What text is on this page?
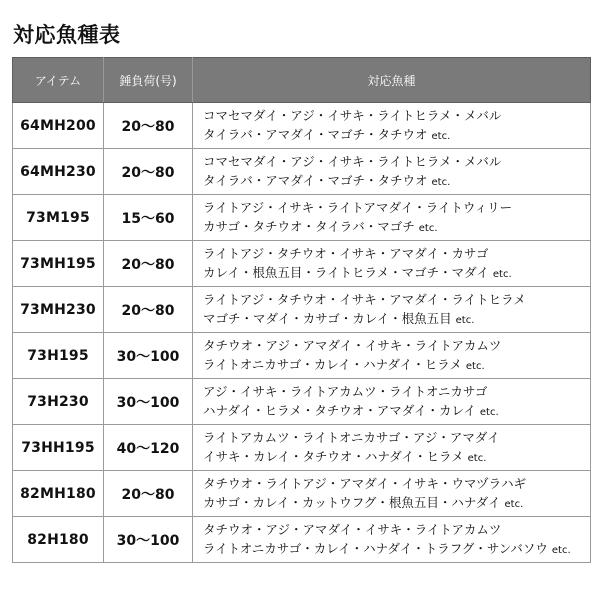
対応魚種表
アイテム	錘負荷(号)	対応魚種
64MH200	20～80	コマセマダイ・アジ・イサキ・ライトヒラメ・メバル
タイラバ・アマダイ・マゴチ・タチウオ etc.

64MH230	20～80	コマセマダイ・アジ・イサキ・ライトヒラメ・メバル
タイラバ・アマダイ・マゴチ・タチウオ etc.

73M195	15～60	ライトアジ・イサキ・ライトアマダイ・ライトウィリー
カサゴ・タチウオ・タイラバ・マゴチ etc.

73MH195	20～80	ライトアジ・タチウオ・イサキ・アマダイ・カサゴ
カレイ・根魚五目・ライトヒラメ・マゴチ・マダイ etc.

73MH230	20～80	ライトアジ・タチウオ・イサキ・アマダイ・ライトヒラメ
マゴチ・マダイ・カサゴ・カレイ・根魚五目 etc.

73H195	30～100	タチウオ・アジ・アマダイ・イサキ・ライトアカムツ
ライトオニカサゴ・カレイ・ハナダイ・ヒラメ etc.

73H230	30～100	アジ・イサキ・ライトアカムツ・ライトオニカサゴ
ハナダイ・ヒラメ・タチウオ・アマダイ・カレイ etc.

73HH195	40～120	ライトアカムツ・ライトオニカサゴ・アジ・アマダイ
イサキ・カレイ・タチウオ・ハナダイ・ヒラメ etc.

82MH180	20～80	タチウオ・ライトアジ・アマダイ・イサキ・ウマヅラハギ
カサゴ・カレイ・カットウフグ・根魚五目・ハナダイ etc.

82H180	30～100	タチウオ・アジ・アマダイ・イサキ・ライトアカムツ
ライトオニカサゴ・カレイ・ハナダイ・トラフグ・サンバソウ etc.
